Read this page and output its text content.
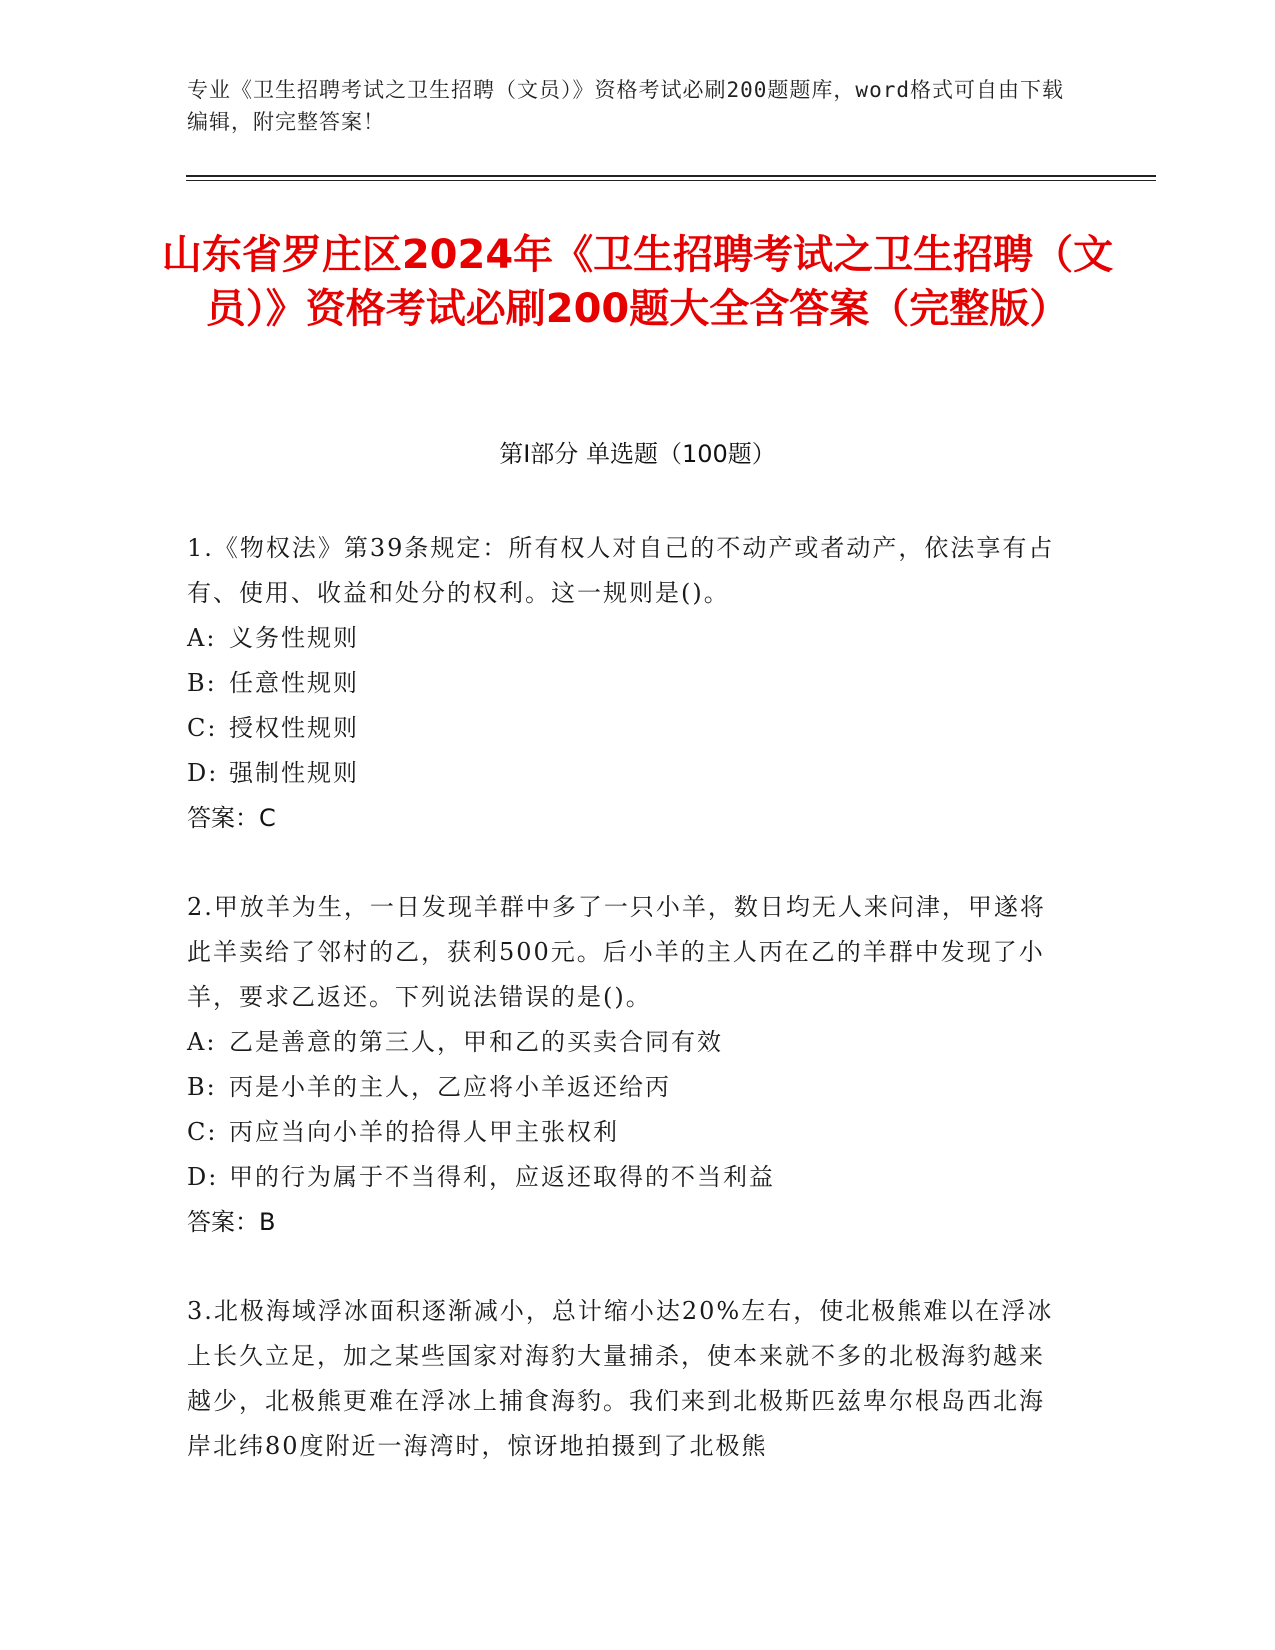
专业《卫生招聘考试之卫生招聘（文员）》资格考试必刷200题题库，word格式可自由下载编辑，附完整答案！
山东省罗庄区2024年《卫生招聘考试之卫生招聘（文员）》资格考试必刷200题大全含答案（完整版）
第Ⅰ部分 单选题（100题）
1.《物权法》第39条规定：所有权人对自己的不动产或者动产，依法享有占有、使用、收益和处分的权利。这一规则是()。
A: 义务性规则
B: 任意性规则
C: 授权性规则
D: 强制性规则
答案：C
2.甲放羊为生，一日发现羊群中多了一只小羊，数日均无人来问津，甲遂将此羊卖给了邻村的乙，获利500元。后小羊的主人丙在乙的羊群中发现了小羊，要求乙返还。下列说法错误的是()。
A: 乙是善意的第三人，甲和乙的买卖合同有效
B: 丙是小羊的主人，乙应将小羊返还给丙
C: 丙应当向小羊的拾得人甲主张权利
D: 甲的行为属于不当得利，应返还取得的不当利益
答案：B
3.北极海域浮冰面积逐渐减小，总计缩小达20%左右，使北极熊难以在浮冰上长久立足，加之某些国家对海豹大量捕杀，使本来就不多的北极海豹越来越少，北极熊更难在浮冰上捕食海豹。我们来到北极斯匹兹卑尔根岛西北海岸北纬80度附近一海湾时，惊讶地拍摄到了北极熊
